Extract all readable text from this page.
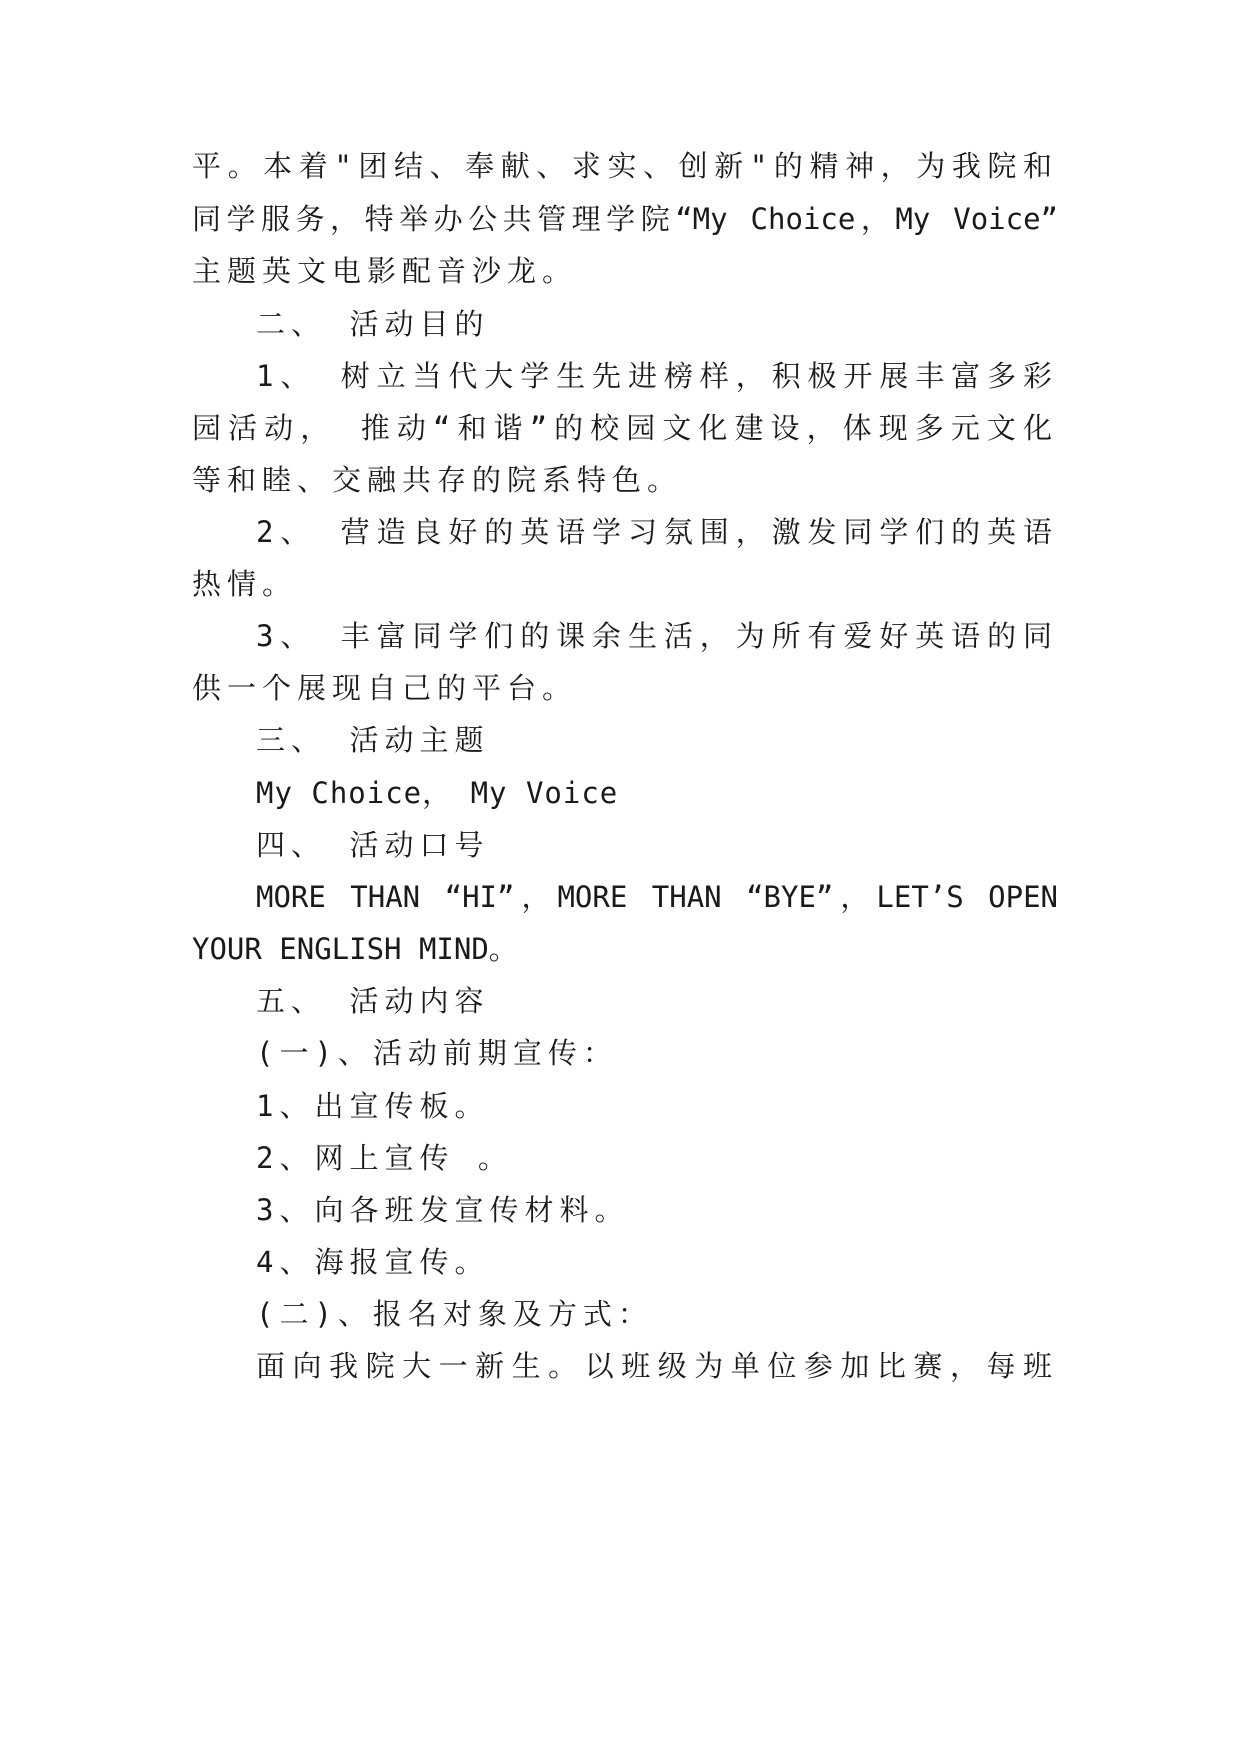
平。本着"团结、奉献、求实、创新"的精神，为我院和
同学服务，特举办公共管理学院“My Choice，My Voice”
主题英文电影配音沙龙。
二、 活动目的
1、 树立当代大学生先进榜样，积极开展丰富多彩
园活动， 推动“和谐”的校园文化建设，体现多元文化
等和睦、交融共存的院系特色。
2、 营造良好的英语学习氛围，激发同学们的英语
热情。
3、 丰富同学们的课余生活，为所有爱好英语的同
供一个展现自己的平台。
三、 活动主题
My Choice， My Voice
四、 活动口号
MORE THAN “HI”，MORE THAN “BYE”，LET’S OPEN
YOUR ENGLISH MIND。
五、 活动内容
(一)、活动前期宣传：
1、出宣传板。
2、网上宣传 。
3、向各班发宣传材料。
4、海报宣传。
(二)、报名对象及方式：
面向我院大一新生。以班级为单位参加比赛，每班
